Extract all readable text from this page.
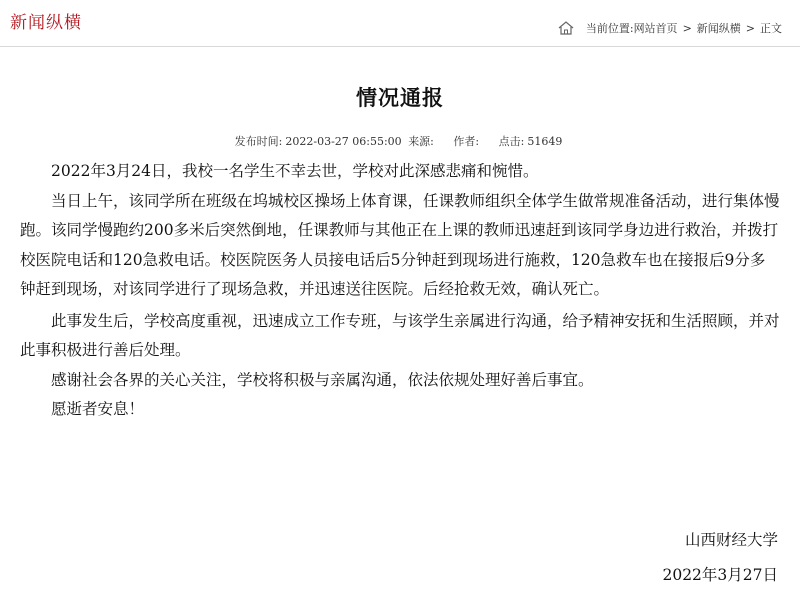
新闻纵横	当前位置: 网站首页 > 新闻纵横 > 正文
情况通报
发布时间: 2022-03-27 06:55:00 来源: 作者: 点击: 51649

2022年3月24日，我校一名学生不幸去世，学校对此深感悲痛和惋惜。

当日上午，该同学所在班级在坞城校区操场上体育课，任课教师组织全体学生做常规准备活动，进行集体慢跑。该同学慢跑约200多米后突然倒地，任课教师与其他正在上课的教师迅速赶到该同学身边进行救治，并拨打校医院电话和120急救电话。校医院医务人员接电话后5分钟赶到现场进行施救，120急救车也在接报后9分多钟赶到现场，对该同学进行了现场急救，并迅速送往医院。后经抢救无效，确认死亡。

此事发生后，学校高度重视，迅速成立工作专班，与该学生亲属进行沟通，给予精神安抚和生活照顾，并对此事积极进行善后处理。

感谢社会各界的关心关注，学校将积极与亲属沟通，依法依规处理好善后事宜。

愿逝者安息！

山西财经大学
2022年3月27日
